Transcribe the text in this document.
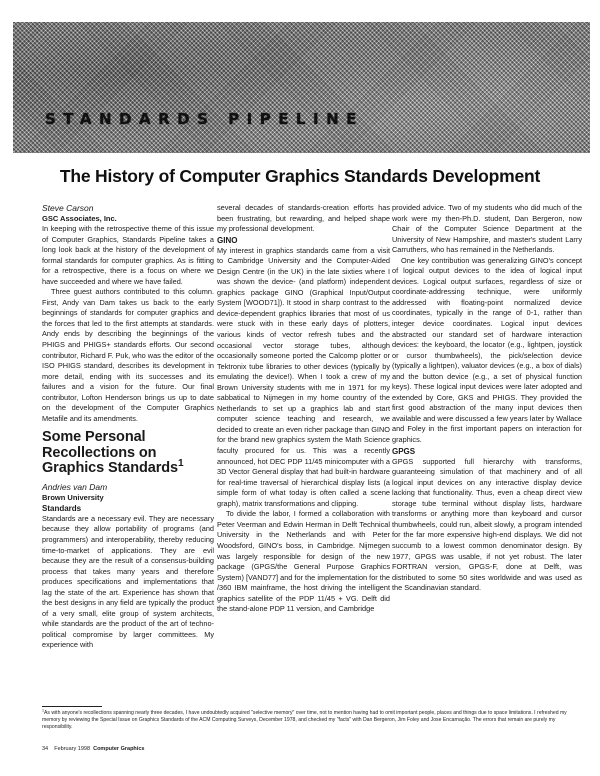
STANDARDS PIPELINE
The History of Computer Graphics Standards Development

Steve Carson

GSC Associates, Inc.

In keeping with the retrospective theme of this issue of Computer Graphics, Standards Pipeline takes a long look back at the history of the development of formal standards for computer graphics. As is fitting for a retrospective, there is a focus on where we have succeeded and where we have failed.

Three guest authors contributed to this column. First, Andy van Dam takes us back to the early beginnings of standards for computer graphics and the forces that led to the first attempts at standards. Andy ends by describing the beginnings of the PHIGS and PHIGS+ standards efforts. Our second contributor, Richard F. Puk, who was the editor of the ISO PHIGS standard, describes its development in more detail, ending with its successes and its failures and a vision for the future. Our final contributor, Lofton Henderson brings us up to date on the development of the Computer Graphics Metafile and its amendments.

Some Personal Recollections on Graphics Standards$^1$

Andries van Dam

Brown University

Standards

Standards are a necessary evil. They are necessary because they allow portability of programs (and programmers) and interoperability, thereby reducing time-to-market of applications. They are evil because they are the result of a consensus-building process that takes many years and therefore produces specifications and implementations that lag the state of the art. Experience has shown that the best designs in any field are typically the product of a very small, elite group of system architects, while standards are the product of the art of techno-political compromise by larger committees. My experience with

several decades of standards-creation efforts has been frustrating, but rewarding, and helped shape my professional development.

GINO

My interest in graphics standards came from a visit to Cambridge University and the Computer-Aided Design Centre (in the UK) in the late sixties where I was shown the device- (and platform) independent graphics package GINO (Graphical Input/Output System [WOOD71]). It stood in sharp contrast to the device-dependent graphics libraries that most of us were stuck with in these early days of plotters, various kinds of vector refresh tubes and the occasional vector storage tubes, although occasionally someone ported the Calcomp plotter or Tektronix tube libraries to other devices (typically by emulating the device!). When I took a crew of my Brown University students with me in 1971 for my sabbatical to Nijmegen in my home country of the Netherlands to set up a graphics lab and start computer science teaching and research, we decided to create an even richer package than GINO for the brand new graphics system the Math Science faculty procured for us. This was a recently announced, hot DEC PDP 11/45 minicomputer with a 3D Vector General display that had built-in hardware for real-time traversal of hierarchical display lists (a simple form of what today is often called a scene graph), matrix transformations and clipping.

To divide the labor, I formed a collaboration with Peter Veerman and Edwin Herman in Delft Technical University in the Netherlands and with Peter Woodsford, GINO's boss, in Cambridge. Nijmegen was largely responsible for design of the new package (GPGS/the General Purpose Graphics System) [VAND77] and for the implementation for the /360 IBM mainframe, the host driving the intelligent graphics satellite of the PDP 11/45 + VG. Delft did the stand-alone PDP 11 version, and Cambridge

provided advice. Two of my students who did much of the work were my then-Ph.D. student, Dan Bergeron, now Chair of the Computer Science Department at the University of New Hampshire, and master's student Larry Carruthers, who has remained in the Netherlands.

One key contribution was generalizing GINO's concept of logical output devices to the idea of logical input devices. Logical output surfaces, regardless of size or coordinate-addressing technique, were uniformly addressed with floating-point normalized device coordinates, typically in the range of 0-1, rather than integer device coordinates. Logical input devices abstracted our standard set of hardware interaction devices: the keyboard, the locator (e.g., lightpen, joystick or cursor thumbwheels), the pick/selection device (typically a lightpen), valuator devices (e.g., a box of dials) and the button device (e.g., a set of physical function keys). These logical input devices were later adopted and extended by Core, GKS and PHIGS. They provided the first good abstraction of the many input devices then available and were discussed a few years later by Wallace and Foley in the first important papers on interaction for graphics.

GPGS

GPGS supported full hierarchy with transforms, guaranteeing simulation of that machinery and of all logical input devices on any interactive display device lacking that functionality. Thus, even a cheap direct view storage tube terminal without display lists, hardware transforms or anything more than keyboard and cursor thumbwheels, could run, albeit slowly, a program intended for the far more expensive high-end displays. We did not succumb to a lowest common denominator design. By 1977, GPGS was usable, if not yet robust. The later FORTRAN version, GPGS-F, done at Delft, was distributed to some 50 sites worldwide and was used as the Scandinavian standard.

$^1$As with anyone's recollections spanning nearly three decades, I have undoubtedly acquired "selective memory" over time, not to mention having had to omit important people, places and things due to space limitations. I refreshed my memory by reviewing the Special Issue on Graphics Standards of the ACM Computing Surveys, December 1978, and checked my "facts" with Dan Bergeron, Jim Foley and Jose Encarnação. The errors that remain are purely my responsibility.
34 February 1998 Computer Graphics
